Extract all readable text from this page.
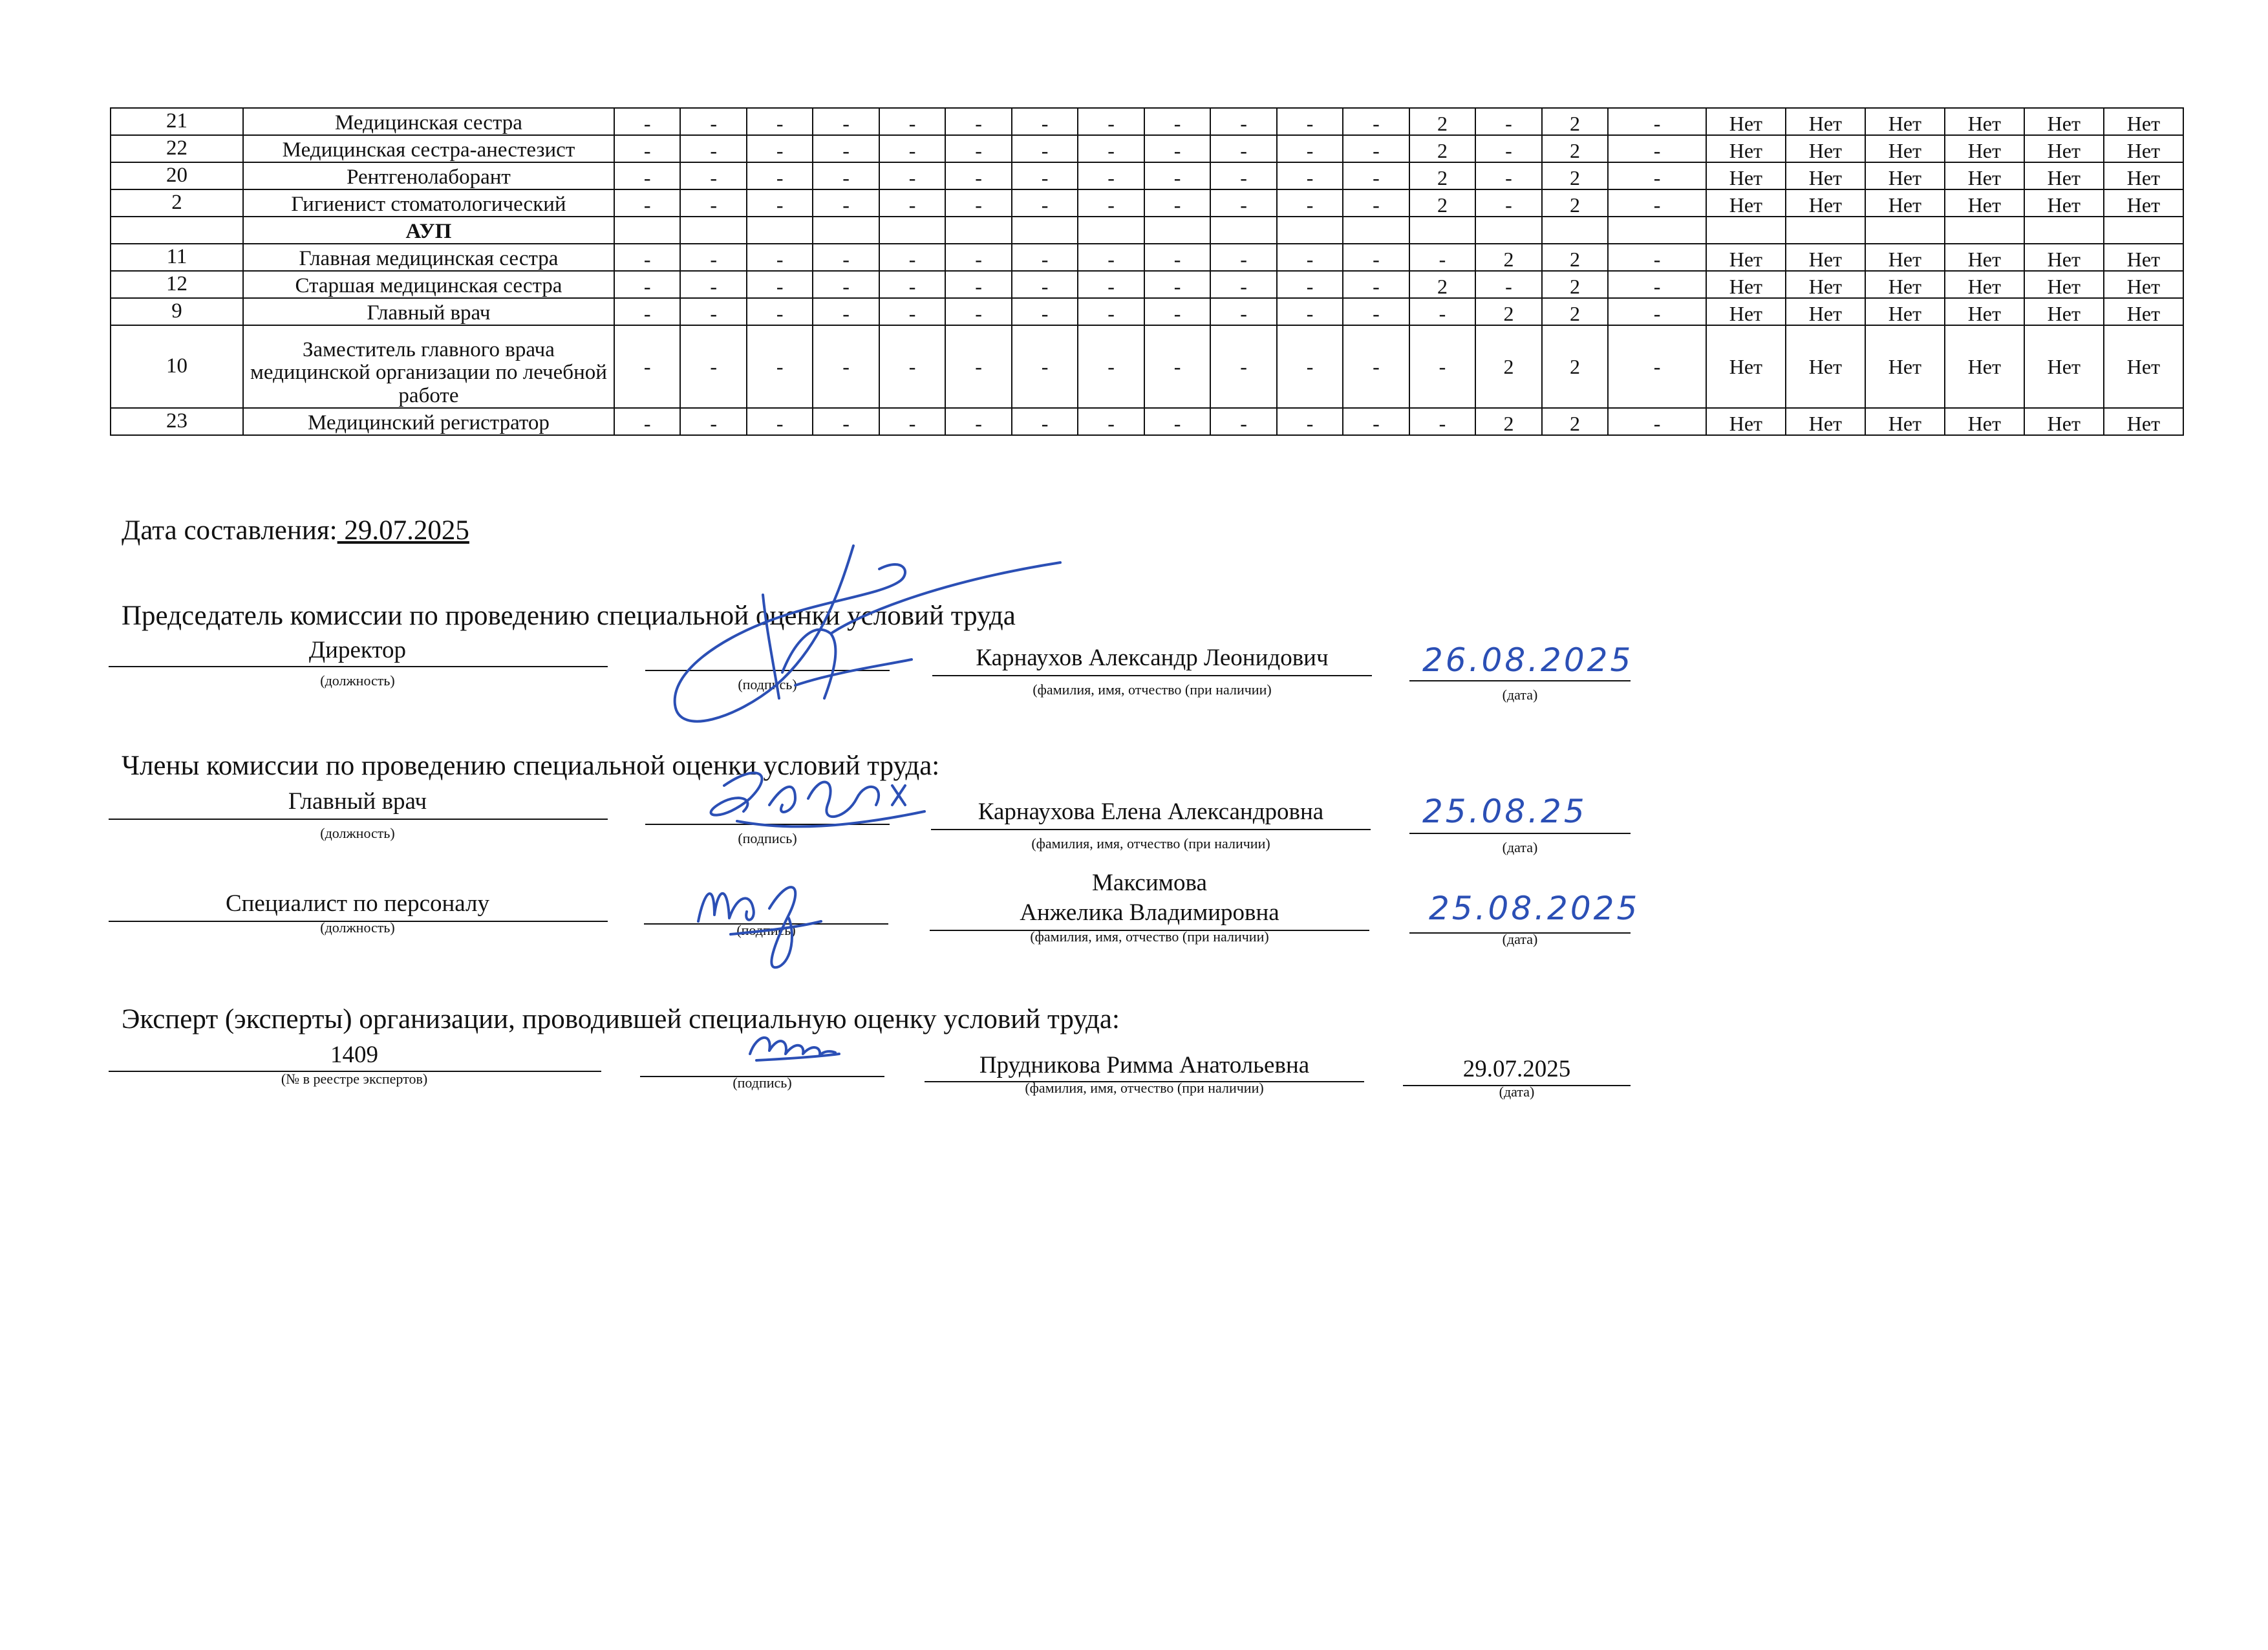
21	Медицинская сестра	-	-	-	-	-	-	-	-	-	-	-	-	2	-	2	-	Нет	Нет	Нет	Нет	Нет	Нет
22	Медицинская сестра-анестезист	-	-	-	-	-	-	-	-	-	-	-	-	2	-	2	-	Нет	Нет	Нет	Нет	Нет	Нет
20	Рентгенолаборант	-	-	-	-	-	-	-	-	-	-	-	-	2	-	2	-	Нет	Нет	Нет	Нет	Нет	Нет
2	Гигиенист стоматологический	-	-	-	-	-	-	-	-	-	-	-	-	2	-	2	-	Нет	Нет	Нет	Нет	Нет	Нет
	АУП																						
11	Главная медицинская сестра	-	-	-	-	-	-	-	-	-	-	-	-	-	2	2	-	Нет	Нет	Нет	Нет	Нет	Нет
12	Старшая медицинская сестра	-	-	-	-	-	-	-	-	-	-	-	-	2	-	2	-	Нет	Нет	Нет	Нет	Нет	Нет
9	Главный врач	-	-	-	-	-	-	-	-	-	-	-	-	-	2	2	-	Нет	Нет	Нет	Нет	Нет	Нет
10	Заместитель главного врача медицинской организации по лечебной работе	-	-	-	-	-	-	-	-	-	-	-	-	-	2	2	-	Нет	Нет	Нет	Нет	Нет	Нет
23	Медицинский регистратор	-	-	-	-	-	-	-	-	-	-	-	-	-	2	2	-	Нет	Нет	Нет	Нет	Нет	Нет
Дата составления: 29.07.2025
Председатель комиссии по проведению специальной оценки условий труда
Директор
(должность)	(подпись)
Карнаухов Александр Леонидович
(фамилия, имя, отчество (при наличии)
26.08.2025
(дата)
Члены комиссии по проведению специальной оценки условий труда:
Главный врач
(должность)	(подпись)
Карнаухова Елена Александровна
(фамилия, имя, отчество (при наличии)
25.08.25
(дата)
Специалист по персоналу
(должность)	(подпись)
Максимова
Анжелика Владимировна
(фамилия, имя, отчество (при наличии)
25.08.2025
(дата)
Эксперт (эксперты) организации, проводившей специальную оценку условий труда:
1409
(№ в реестре экспертов)	(подпись)
Прудникова Римма Анатольевна
(фамилия, имя, отчество (при наличии)
29.07.2025
(дата)
